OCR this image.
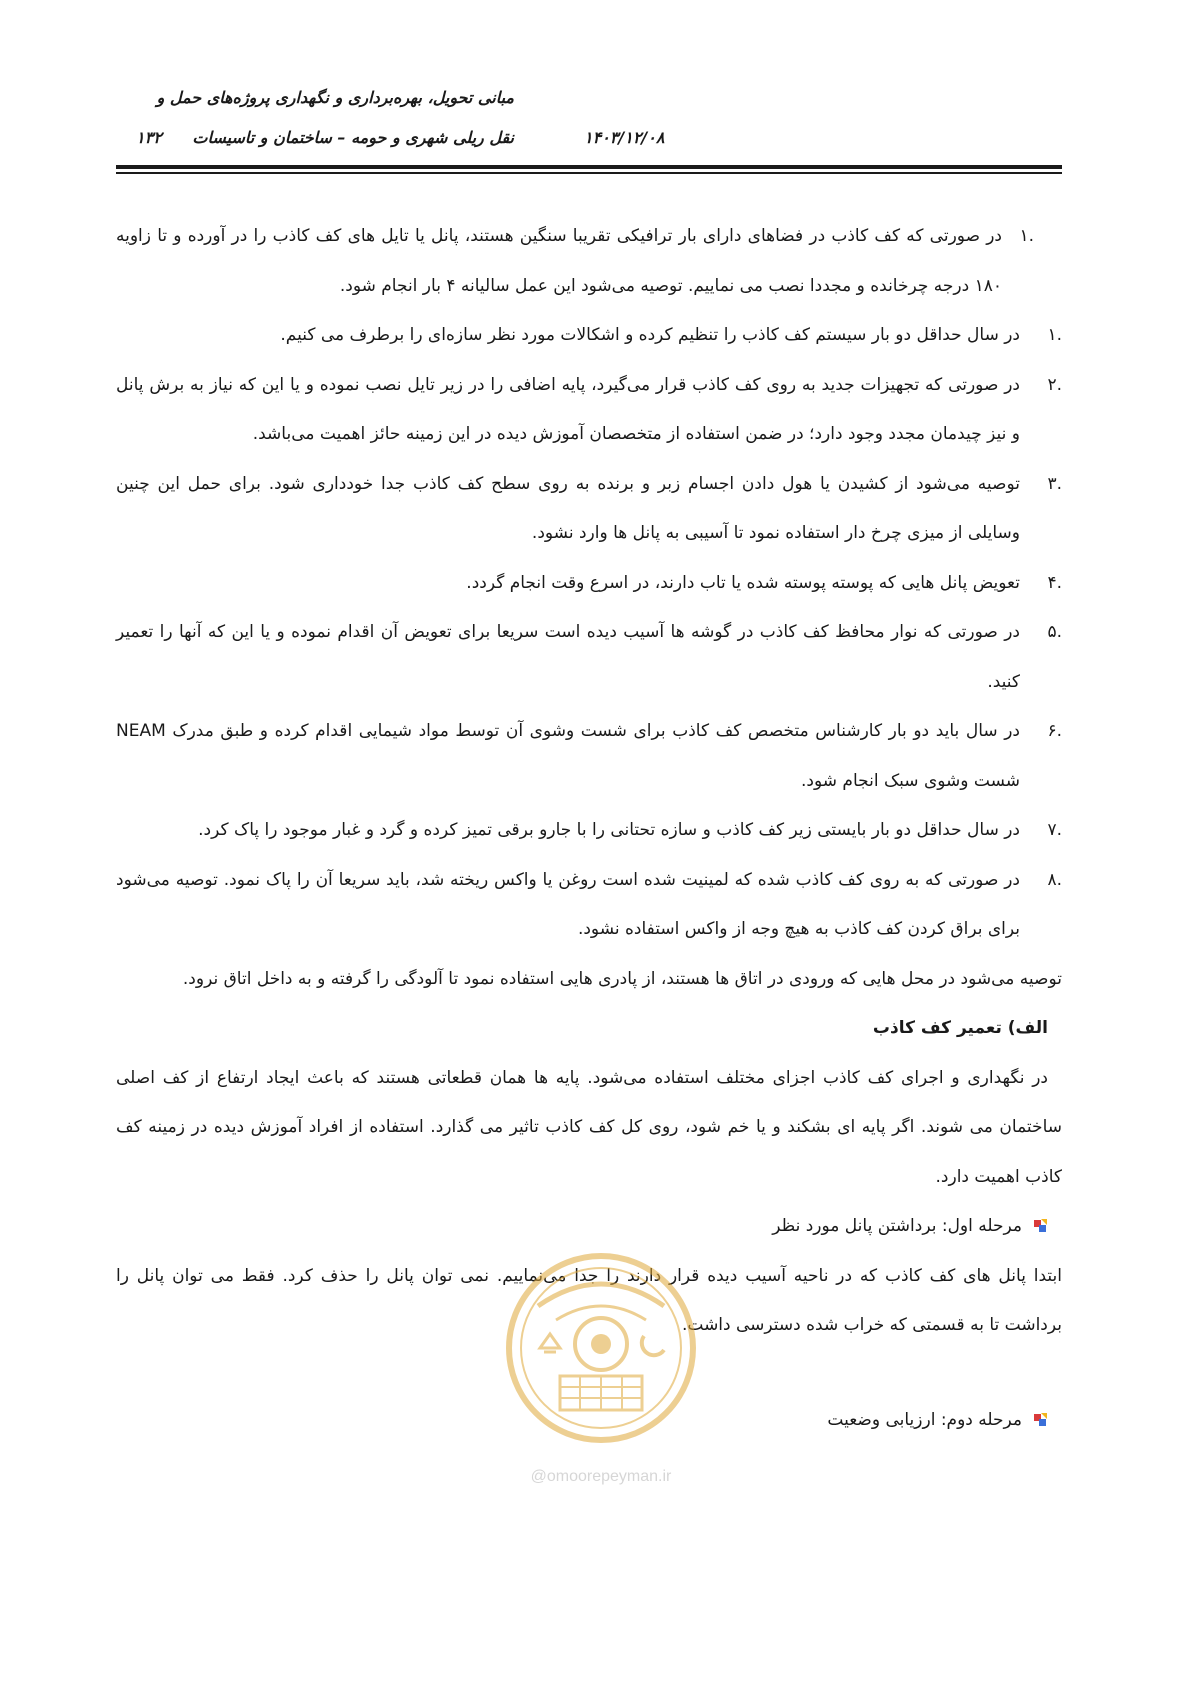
مبانی تحویل، بهره‌برداری و نگهداری پروژه‌های حمل و
نقل ریلی شهری و حومه – ساختمان و تاسیسات	۱۴۰۳/۱۲/۰۸
۱۳۲
.۱
در صورتی که کف کاذب در فضاهای دارای بار ترافیکی تقریبا سنگین هستند، پانل یا تایل های کف کاذب را در آورده و تا زاویه ۱۸۰ درجه چرخانده و مجددا نصب می نماییم. توصیه می‌شود این عمل سالیانه ۴ بار انجام شود.
.۱
در سال حداقل دو بار سیستم کف کاذب را تنظیم کرده و اشکالات مورد نظر سازه‌ای را برطرف می کنیم.
.۲
در صورتی که تجهیزات جدید به روی کف کاذب قرار می‌گیرد، پایه اضافی را در زیر تایل نصب نموده و یا این که نیاز به برش پانل و نیز چیدمان مجدد وجود دارد؛ در ضمن استفاده از متخصصان آموزش دیده در این زمینه حائز اهمیت می‌باشد.
.۳
توصیه می‌شود از کشیدن یا هول دادن اجسام زبر و برنده به روی سطح کف کاذب جدا خودداری شود. برای حمل این چنین وسایلی از میزی چرخ دار استفاده نمود تا آسیبی به پانل ها وارد نشود.
.۴
تعویض پانل هایی که پوسته پوسته شده یا تاب دارند، در اسرع وقت انجام گردد.
.۵
در صورتی که نوار محافظ کف کاذب در گوشه ها آسیب دیده است سریعا برای تعویض آن اقدام نموده و یا این که آنها را تعمیر کنید.
.۶
در سال باید دو بار کارشناس متخصص کف کاذب برای شست وشوی آن توسط مواد شیمایی اقدام کرده و طبق مدرک NEAM شست وشوی سبک انجام شود.
.۷
در سال حداقل دو بار بایستی زیر کف کاذب و سازه تحتانی را با جارو برقی تمیز کرده و گرد و غبار موجود را پاک کرد.
.۸
در صورتی که به روی کف کاذب شده که لمینیت شده است روغن یا واکس ریخته شد، باید سریعا آن را پاک نمود. توصیه می‌شود برای براق کردن کف کاذب به هیچ وجه از واکس استفاده نشود.

توصیه می‌شود در محل هایی که ورودی در اتاق ها هستند، از پادری هایی استفاده نمود تا آلودگی را گرفته و به داخل اتاق نرود.

الف) تعمیر کف کاذب

در نگهداری و اجرای کف کاذب اجزای مختلف استفاده می‌شود. پایه ها همان قطعاتی هستند که باعث ایجاد ارتفاع از کف اصلی ساختمان می شوند. اگر پایه ای بشکند و یا خم شود، روی کل کف کاذب تاثیر می گذارد. استفاده از افراد آموزش دیده در زمینه کف کاذب اهمیت دارد.

مرحله اول: برداشتن پانل مورد نظر

ابتدا پانل های کف کاذب که در ناحیه آسیب دیده قرار دارند را جدا می‌نماییم. نمی توان پانل را حذف کرد. فقط می توان پانل را برداشت تا به قسمتی که خراب شده دسترسی داشت.

مرحله دوم: ارزیابی وضعیت

@omoorepeyman.ir
